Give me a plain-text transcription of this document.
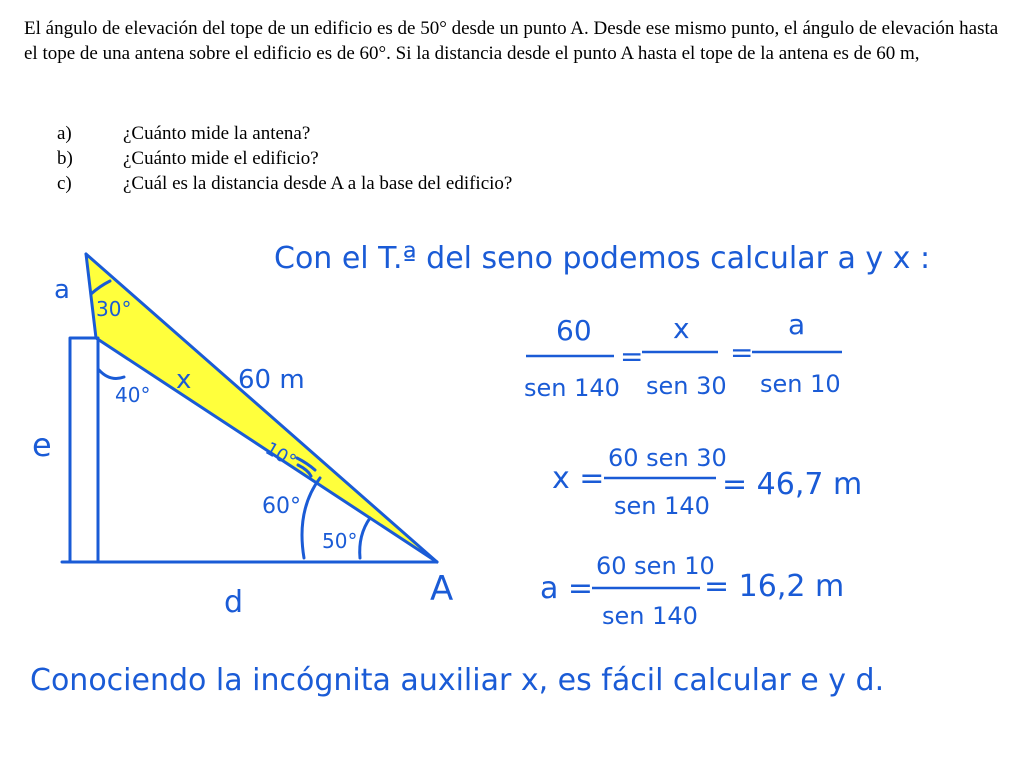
El ángulo de elevación del tope de un edificio es de 50° desde un punto A. Desde ese mismo punto, el ángulo de elevación hasta el tope de una antena sobre el edificio es de 60°. Si la distancia desde el punto A hasta el tope de la antena es de 60 m,

a)	¿Cuánto mide la antena?
b)	¿Cuánto mide el edificio?
c)	¿Cuál es la distancia desde A a la base del edificio?
a
30°
40° x 60 m
e	10°
60°
50°
d	A
Con el T.ª del seno podemos calcular a y x :
60
sen 140
=
x
sen 30
=
a
sen 10
x =
60 sen 30
sen 140
= 46,7 m
a =
60 sen 10
sen 140
= 16,2 m
Conociendo la incógnita auxiliar x, es fácil calcular e y d.
